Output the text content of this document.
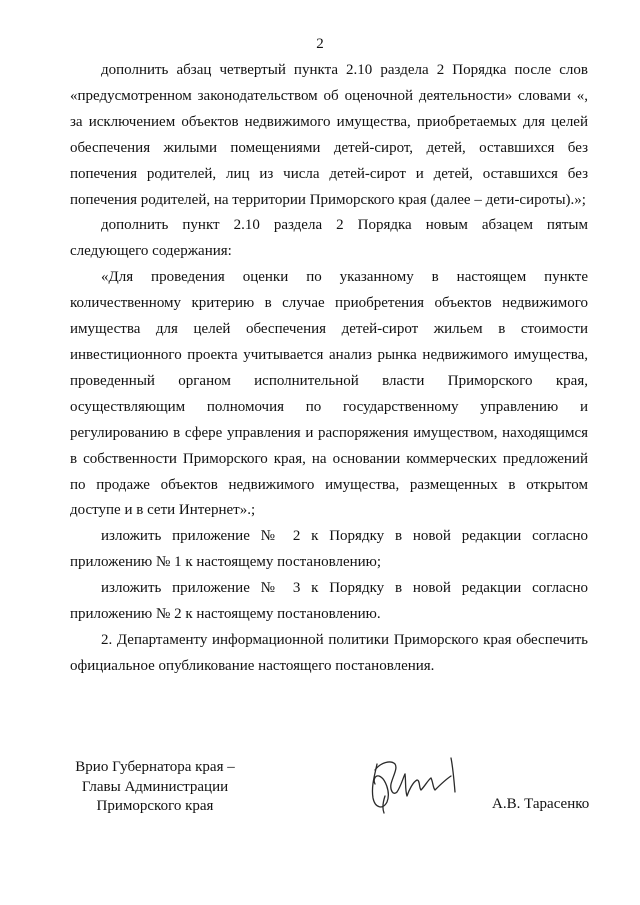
2

дополнить абзац четвертый пункта 2.10 раздела 2 Порядка после слов «предусмотренном законодательством об оценочной деятельности» словами «, за исключением объектов недвижимого имущества, приобретаемых для целей обеспечения жилыми помещениями детей-сирот, детей, оставшихся без попечения родителей, лиц из числа детей-сирот и детей, оставшихся без попечения родителей, на территории Приморского края (далее – дети-сироты).»;

дополнить пункт 2.10 раздела 2 Порядка новым абзацем пятым следующего содержания:

«Для проведения оценки по указанному в настоящем пункте количественному критерию в случае приобретения объектов недвижимого имущества для целей обеспечения детей-сирот жильем в стоимости инвестиционного проекта учитывается анализ рынка недвижимого имущества, проведенный органом исполнительной власти Приморского края, осуществляющим полномочия по государственному управлению и регулированию в сфере управления и распоряжения имуществом, находящимся в собственности Приморского края, на основании коммерческих предложений по продаже объектов недвижимого имущества, размещенных в открытом доступе и в сети Интернет».;

изложить приложение № 2 к Порядку в новой редакции согласно приложению № 1 к настоящему постановлению;

изложить приложение № 3 к Порядку в новой редакции согласно приложению № 2 к настоящему постановлению.

2. Департаменту информационной политики Приморского края обеспечить официальное опубликование настоящего постановления.

Врио Губернатора края –
Главы Администрации
Приморского края	А.В. Тарасенко
